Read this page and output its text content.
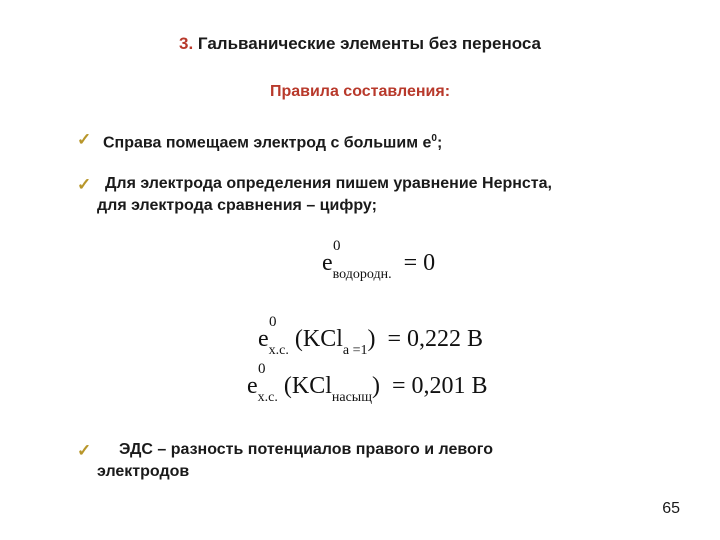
3. Гальванические элементы без переноса
Правила составления:
✓ Справа помещаем электрод с большим $е^0$;
✓ Для электрода определения пишем уравнение Нернста,
для электрода сравнения – цифру;
e
0
$_{водородн.}$ = 0
e
0
$_{х.с.}$ (KCl$_{а =1}$) = 0,222 В
e
0
$_{х.с.}$ (KCl$_{насыщ}$) = 0,201 В
✓	ЭДС – разность потенциалов правого и левого
электродов
65
